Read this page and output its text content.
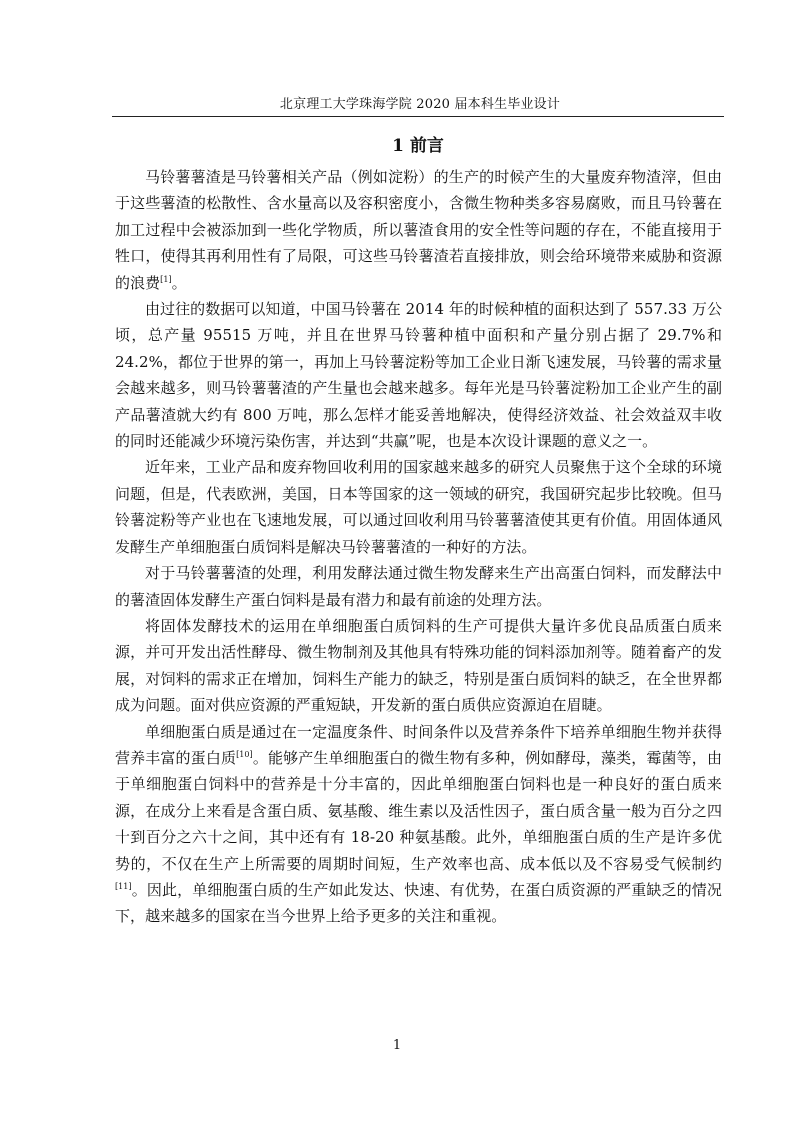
北京理工大学珠海学院 2020 届本科生毕业设计
1 前言

马铃薯薯渣是马铃薯相关产品（例如淀粉）的生产的时候产生的大量废弃物渣滓，但由于这些薯渣的松散性、含水量高以及容积密度小，含微生物种类多容易腐败，而且马铃薯在加工过程中会被添加到一些化学物质，所以薯渣食用的安全性等问题的存在，不能直接用于牲口，使得其再利用性有了局限，可这些马铃薯渣若直接排放，则会给环境带来威胁和资源的浪费[1]。

由过往的数据可以知道，中国马铃薯在 2014 年的时候种植的面积达到了 557.33 万公顷，总产量 95515 万吨，并且在世界马铃薯种植中面积和产量分别占据了 29.7%和24.2%，都位于世界的第一，再加上马铃薯淀粉等加工企业日渐飞速发展，马铃薯的需求量会越来越多，则马铃薯薯渣的产生量也会越来越多。每年光是马铃薯淀粉加工企业产生的副产品薯渣就大约有 800 万吨，那么怎样才能妥善地解决，使得经济效益、社会效益双丰收的同时还能减少环境污染伤害，并达到“共赢”呢，也是本次设计课题的意义之一。

近年来，工业产品和废弃物回收利用的国家越来越多的研究人员聚焦于这个全球的环境问题，但是，代表欧洲，美国，日本等国家的这一领域的研究，我国研究起步比较晚。但马铃薯淀粉等产业也在飞速地发展，可以通过回收利用马铃薯薯渣使其更有价值。用固体通风发酵生产单细胞蛋白质饲料是解决马铃薯薯渣的一种好的方法。

对于马铃薯薯渣的处理，利用发酵法通过微生物发酵来生产出高蛋白饲料，而发酵法中的薯渣固体发酵生产蛋白饲料是最有潜力和最有前途的处理方法。

将固体发酵技术的运用在单细胞蛋白质饲料的生产可提供大量许多优良品质蛋白质来源，并可开发出活性酵母、微生物制剂及其他具有特殊功能的饲料添加剂等。随着畜产的发展，对饲料的需求正在增加，饲料生产能力的缺乏，特别是蛋白质饲料的缺乏，在全世界都成为问题。面对供应资源的严重短缺，开发新的蛋白质供应资源迫在眉睫。

单细胞蛋白质是通过在一定温度条件、时间条件以及营养条件下培养单细胞生物并获得营养丰富的蛋白质[10]。能够产生单细胞蛋白的微生物有多种，例如酵母，藻类，霉菌等，由于单细胞蛋白饲料中的营养是十分丰富的，因此单细胞蛋白饲料也是一种良好的蛋白质来源，在成分上来看是含蛋白质、氨基酸、维生素以及活性因子，蛋白质含量一般为百分之四十到百分之六十之间，其中还有有 18-20 种氨基酸。此外，单细胞蛋白质的生产是许多优势的，不仅在生产上所需要的周期时间短，生产效率也高、成本低以及不容易受气候制约[11]。因此，单细胞蛋白质的生产如此发达、快速、有优势，在蛋白质资源的严重缺乏的情况下，越来越多的国家在当今世界上给予更多的关注和重视。

1
